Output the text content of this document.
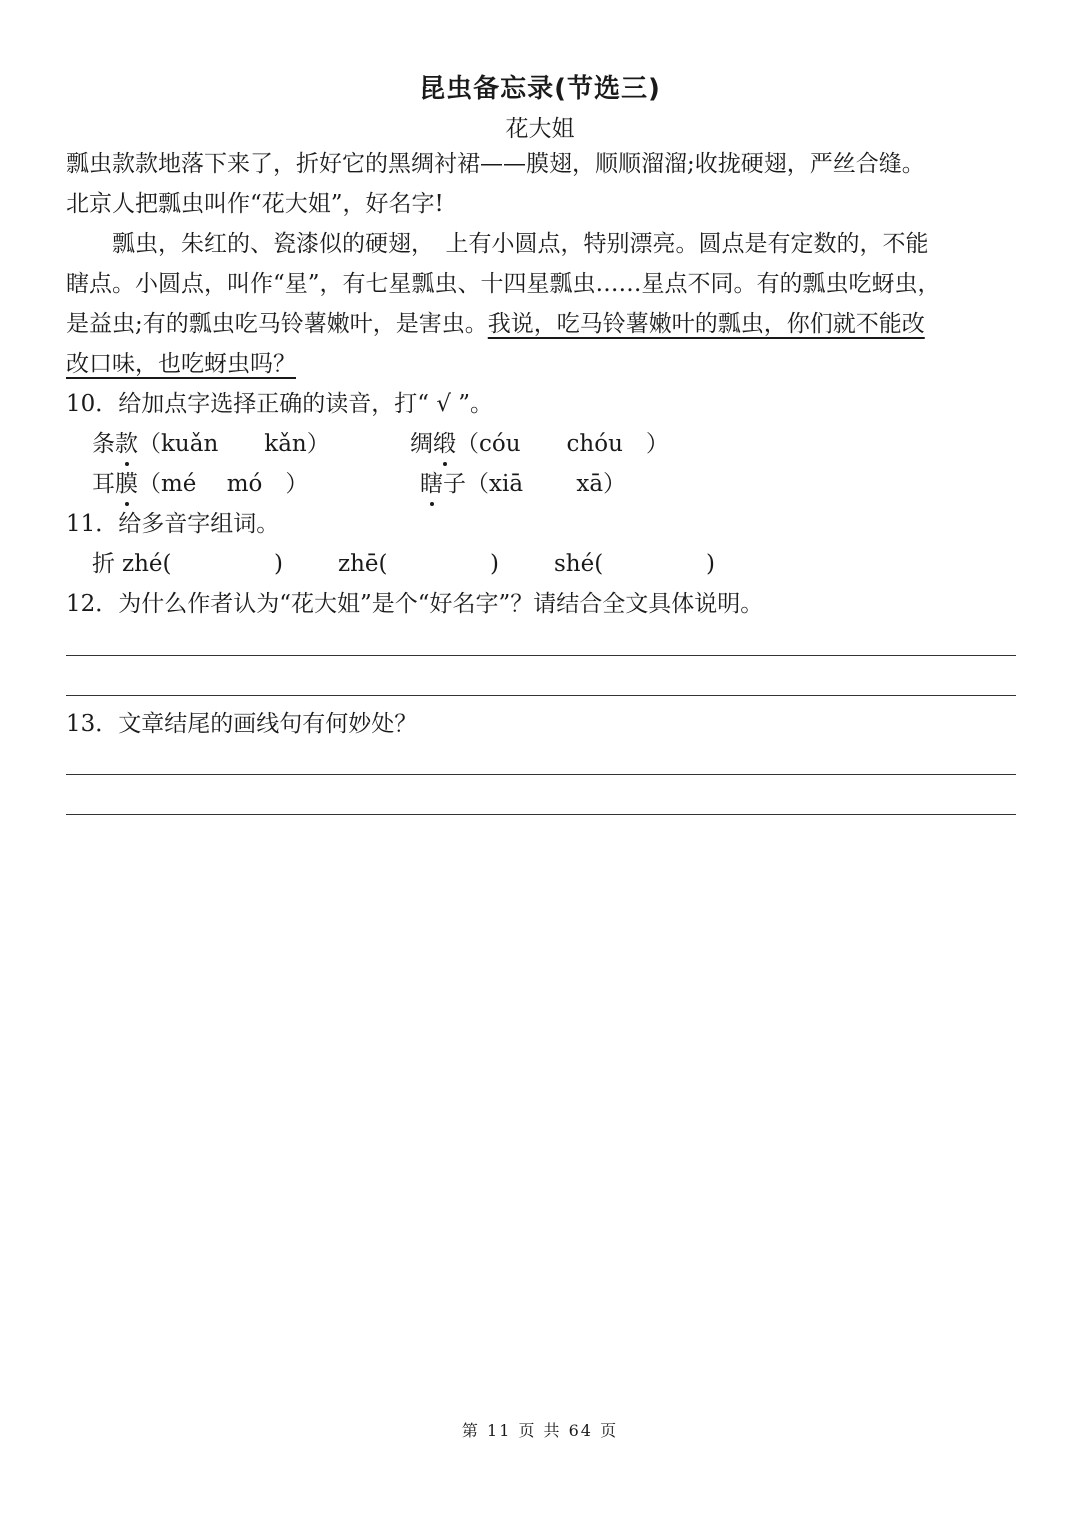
昆虫备忘录(节选三)
花大姐
瓢虫款款地落下来了，折好它的黑绸衬裙——膜翅，顺顺溜溜;收拢硬翅，严丝合缝。
北京人把瓢虫叫作“花大姐”，好名字!
　　瓢虫，朱红的、瓷漆似的硬翅，　上有小圆点，特别漂亮。圆点是有定数的，不能
瞎点。小圆点，叫作“星”，有七星瓢虫、十四星瓢虫……星点不同。有的瓢虫吃蚜虫，
是益虫;有的瓢虫吃马铃薯嫩叶，是害虫。我说，吃马铃薯嫩叶的瓢虫，你们就不能改
改口味，也吃蚜虫吗？
10．给加点字选择正确的读音，打“ √ ”。
条款（kuǎn　　kǎn）	绸缎（cóu　　chóu　）
耳膜（mé　 mó　）	瞎子（xiā　　 xā）
11．给多音字组词。
折 zhé(	) zhē(	) shé(	)
12．为什么作者认为“花大姐”是个“好名字”？请结合全文具体说明。
13．文章结尾的画线句有何妙处？
第 11 页 共 64 页
